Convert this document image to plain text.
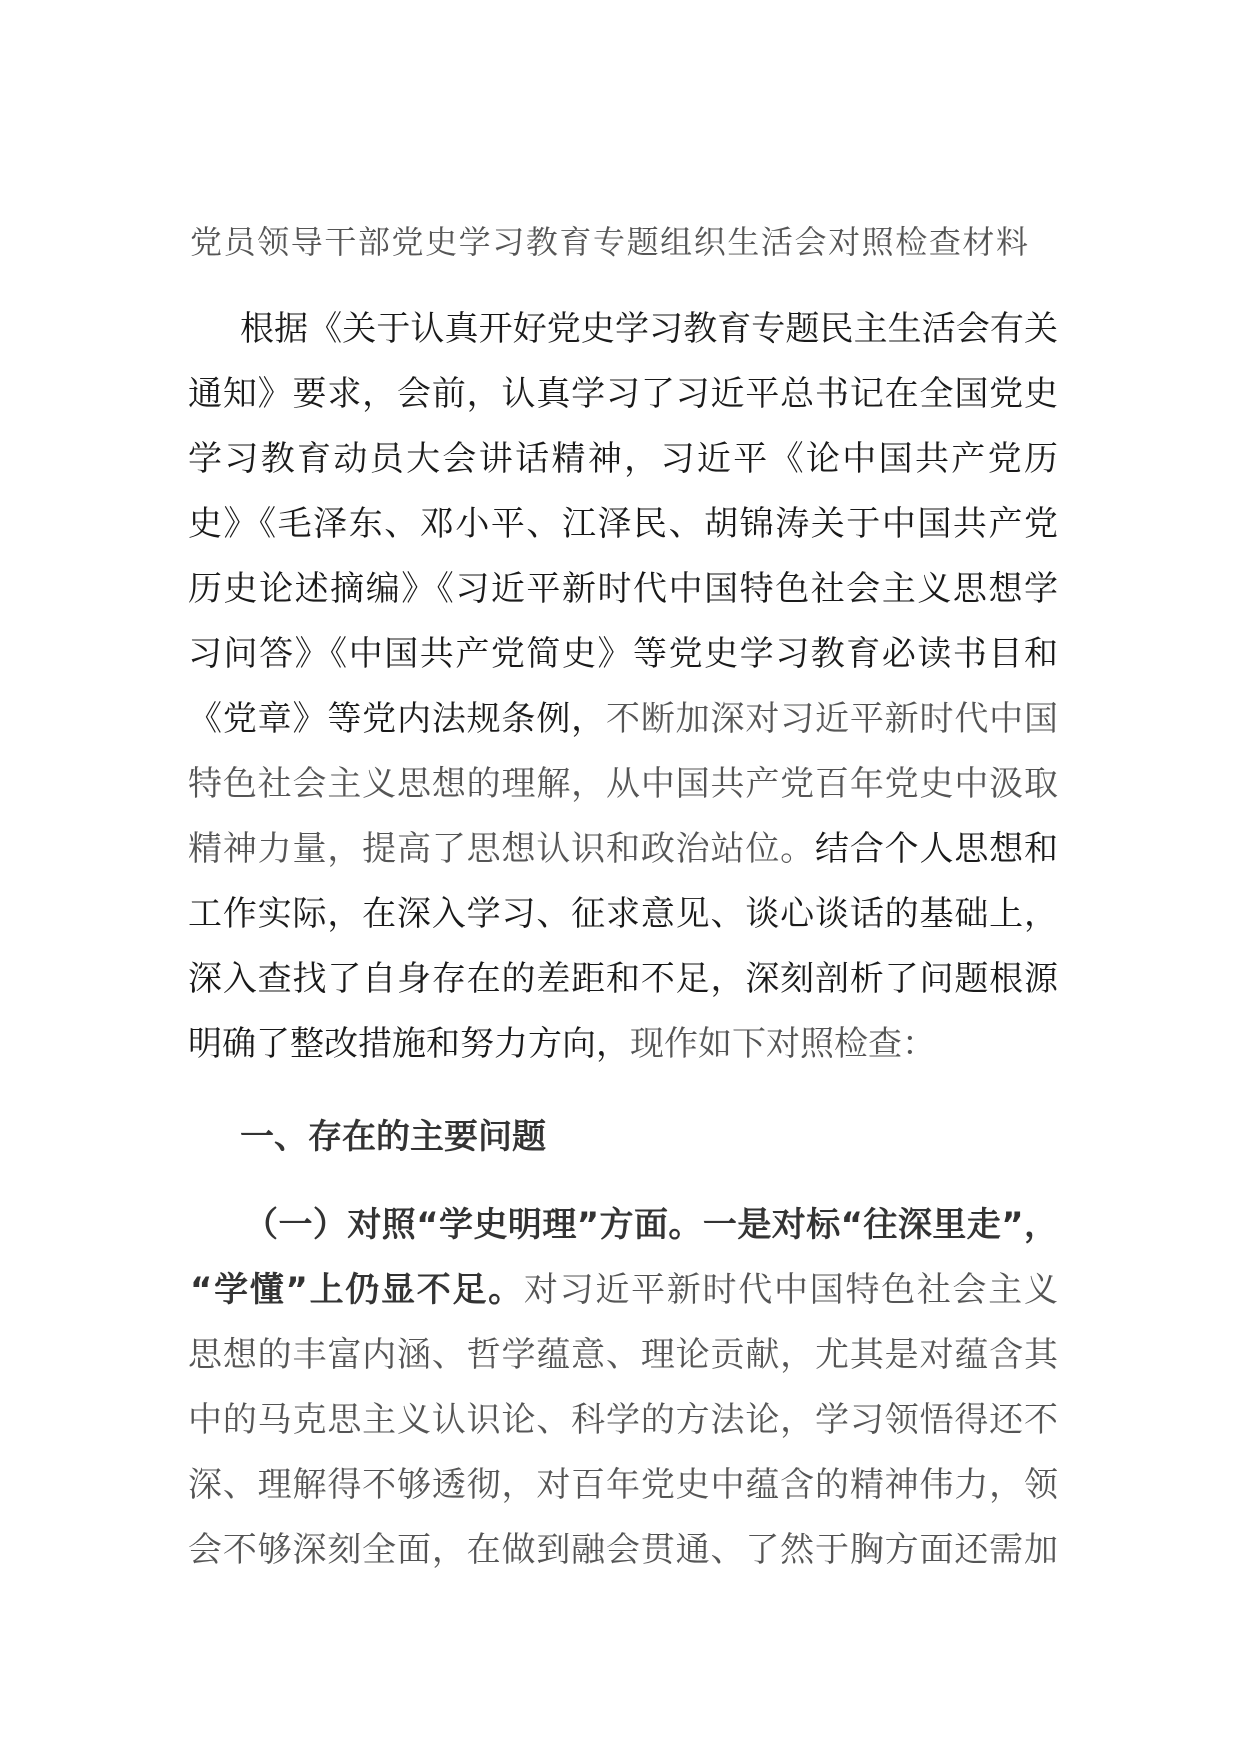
党员领导干部党史学习教育专题组织生活会对照检查材料
根据《关于认真开好党史学习教育专题民主生活会有关
通知》要求，会前，认真学习了习近平总书记在全国党史
学习教育动员大会讲话精神，习近平《论中国共产党历
史》《毛泽东、邓小平、江泽民、胡锦涛关于中国共产党
历史论述摘编》《习近平新时代中国特色社会主义思想学
习问答》《中国共产党简史》等党史学习教育必读书目和
《党章》等党内法规条例，不断加深对习近平新时代中国
特色社会主义思想的理解，从中国共产党百年党史中汲取
精神力量，提高了思想认识和政治站位。结合个人思想和
工作实际，在深入学习、征求意见、谈心谈话的基础上，
深入查找了自身存在的差距和不足，深刻剖析了问题根源
明确了整改措施和努力方向，现作如下对照检查：
一、存在的主要问题
（一）对照“学史明理”方面。一是对标“往深里走”，
“学懂”上仍显不足。对习近平新时代中国特色社会主义
思想的丰富内涵、哲学蕴意、理论贡献，尤其是对蕴含其
中的马克思主义认识论、科学的方法论，学习领悟得还不
深、理解得不够透彻，对百年党史中蕴含的精神伟力，领
会不够深刻全面，在做到融会贯通、了然于胸方面还需加
